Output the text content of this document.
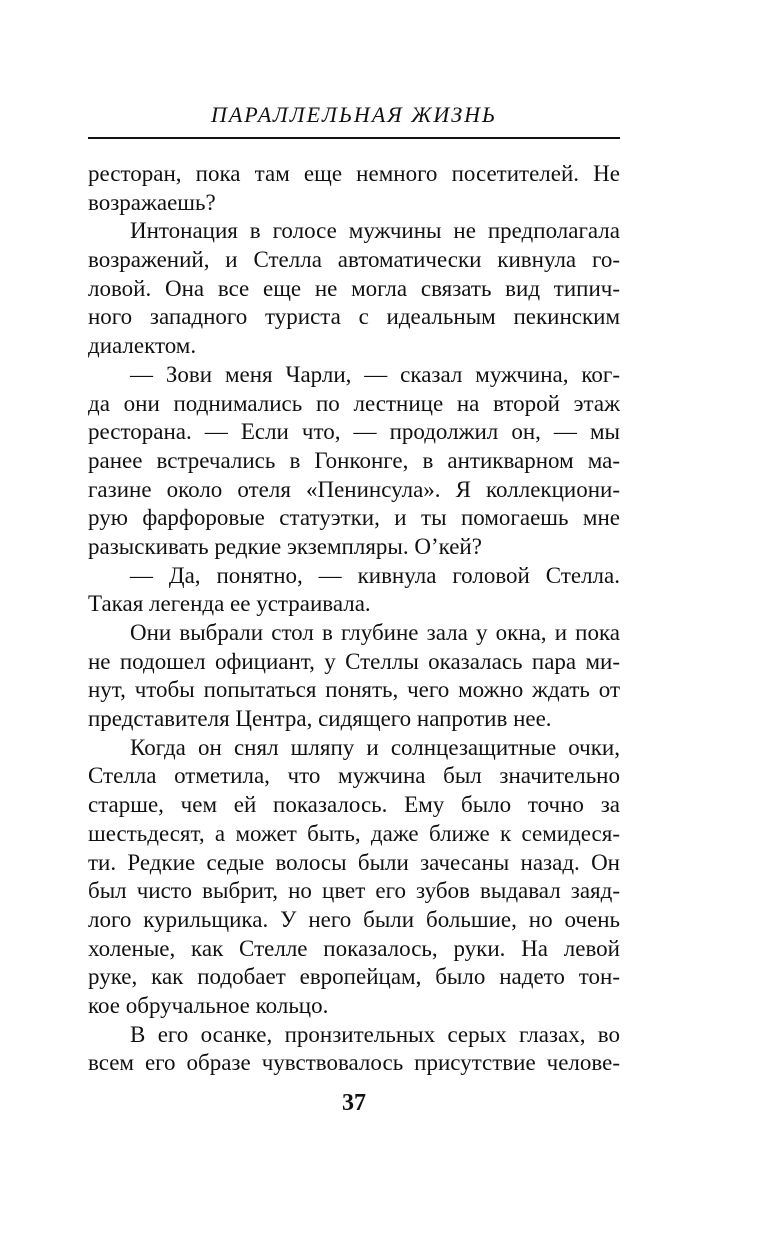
ПАРАЛЛЕЛЬНАЯ ЖИЗНЬ
ресторан, пока там еще немного посетителей. Не
возражаешь?
Интонация в голосе мужчины не предполагала
возражений, и Стелла автоматически кивнула го-
ловой. Она все еще не могла связать вид типич-
ного западного туриста с идеальным пекинским
диалектом.
— Зови меня Чарли, — сказал мужчина, ког-
да они поднимались по лестнице на второй этаж
ресторана. — Если что, — продолжил он, — мы
ранее встречались в Гонконге, в антикварном ма-
газине около отеля «Пенинсула». Я коллекциони-
рую фарфоровые статуэтки, и ты помогаешь мне
разыскивать редкие экземпляры. О’кей?
— Да, понятно, — кивнула головой Стелла.
Такая легенда ее устраивала.
Они выбрали стол в глубине зала у окна, и пока
не подошел официант, у Стеллы оказалась пара ми-
нут, чтобы попытаться понять, чего можно ждать от
представителя Центра, сидящего напротив нее.
Когда он снял шляпу и солнцезащитные очки,
Стелла отметила, что мужчина был значительно
старше, чем ей показалось. Ему было точно за
шестьдесят, а может быть, даже ближе к семидеся-
ти. Редкие седые волосы были зачесаны назад. Он
был чисто выбрит, но цвет его зубов выдавал заяд-
лого курильщика. У него были большие, но очень
холеные, как Стелле показалось, руки. На левой
руке, как подобает европейцам, было надето тон-
кое обручальное кольцо.
В его осанке, пронзительных серых глазах, во
всем его образе чувствовалось присутствие челове-
37
